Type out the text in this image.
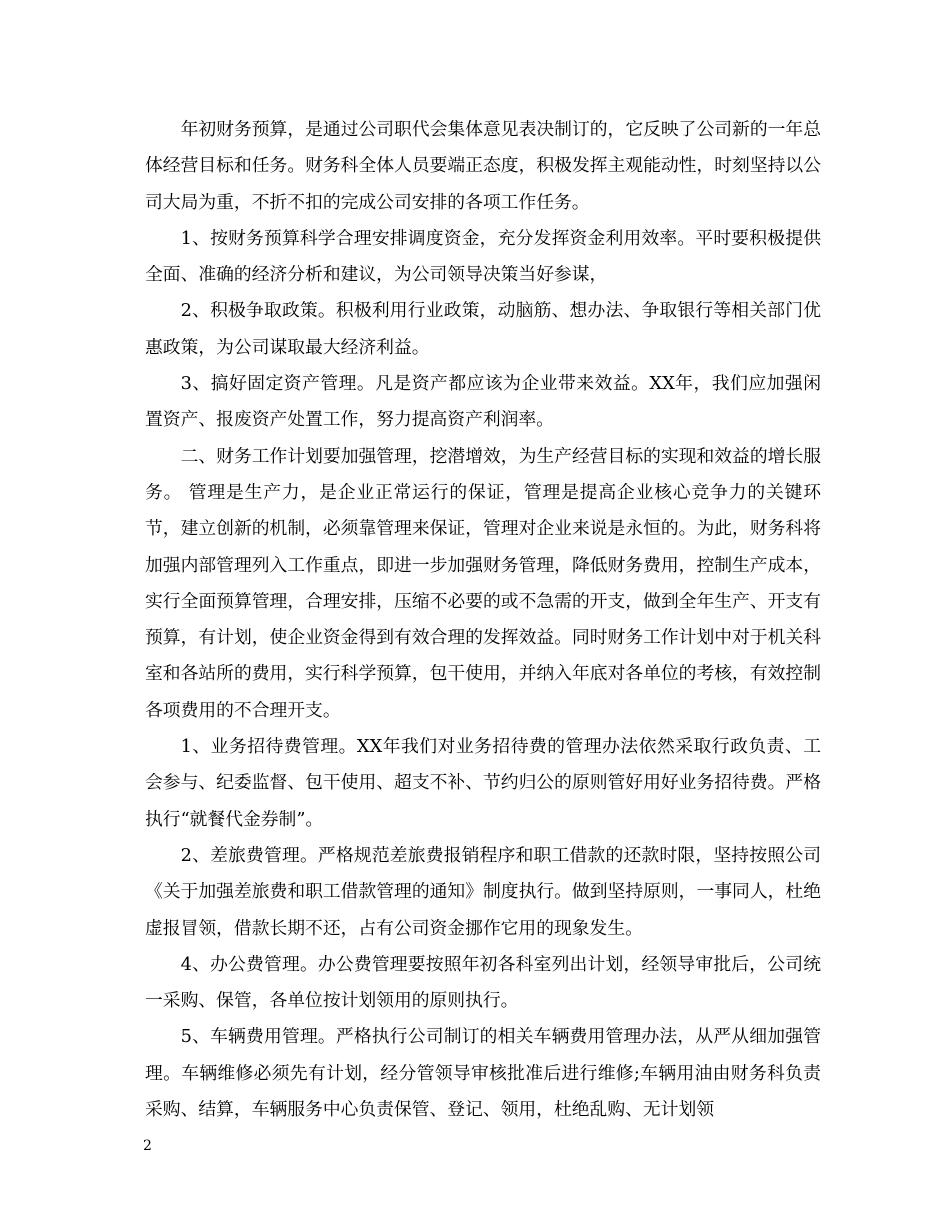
年初财务预算，是通过公司职代会集体意见表决制订的，它反映了公司新的一年总体经营目标和任务。财务科全体人员要端正态度，积极发挥主观能动性，时刻坚持以公司大局为重，不折不扣的完成公司安排的各项工作任务。

1、按财务预算科学合理安排调度资金，充分发挥资金利用效率。平时要积极提供全面、准确的经济分析和建议，为公司领导决策当好参谋，

2、积极争取政策。积极利用行业政策，动脑筋、想办法、争取银行等相关部门优惠政策，为公司谋取最大经济利益。

3、搞好固定资产管理。凡是资产都应该为企业带来效益。XX年，我们应加强闲置资产、报废资产处置工作，努力提高资产利润率。

二、财务工作计划要加强管理，挖潜增效，为生产经营目标的实现和效益的增长服务。 管理是生产力，是企业正常运行的保证，管理是提高企业核心竞争力的关键环节，建立创新的机制，必须靠管理来保证，管理对企业来说是永恒的。为此，财务科将加强内部管理列入工作重点，即进一步加强财务管理，降低财务费用，控制生产成本，实行全面预算管理，合理安排，压缩不必要的或不急需的开支，做到全年生产、开支有预算，有计划，使企业资金得到有效合理的发挥效益。同时财务工作计划中对于机关科室和各站所的费用，实行科学预算，包干使用，并纳入年底对各单位的考核，有效控制各项费用的不合理开支。

1、业务招待费管理。XX年我们对业务招待费的管理办法依然采取行政负责、工会参与、纪委监督、包干使用、超支不补、节约归公的原则管好用好业务招待费。严格执行“就餐代金券制”。

2、差旅费管理。严格规范差旅费报销程序和职工借款的还款时限，坚持按照公司《关于加强差旅费和职工借款管理的通知》制度执行。做到坚持原则，一事同人，杜绝虚报冒领，借款长期不还，占有公司资金挪作它用的现象发生。

4、办公费管理。办公费管理要按照年初各科室列出计划，经领导审批后，公司统一采购、保管，各单位按计划领用的原则执行。

5、车辆费用管理。严格执行公司制订的相关车辆费用管理办法，从严从细加强管理。车辆维修必须先有计划，经分管领导审核批准后进行维修;车辆用油由财务科负责采购、结算，车辆服务中心负责保管、登记、领用，杜绝乱购、无计划领

2
